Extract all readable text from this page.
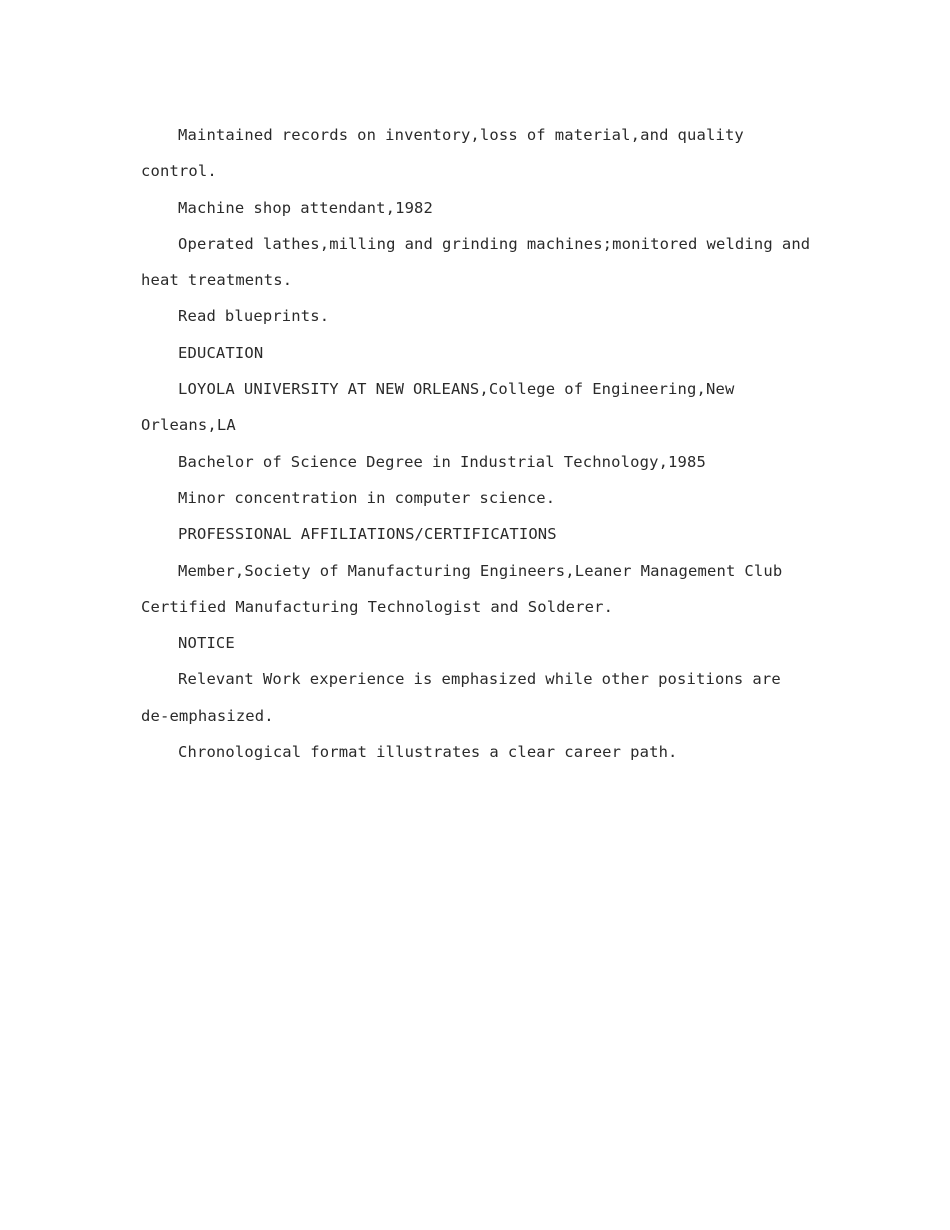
Maintained records on inventory,loss of material,and quality control.

Machine shop attendant,1982

Operated lathes,milling and grinding machines;monitored welding and heat treatments.

Read blueprints.

EDUCATION

LOYOLA UNIVERSITY AT NEW ORLEANS,College of Engineering,New Orleans,LA

Bachelor of Science Degree in Industrial Technology,1985

Minor concentration in computer science.

PROFESSIONAL AFFILIATIONS/CERTIFICATIONS

Member,Society of Manufacturing Engineers,Leaner Management Club Certified Manufacturing Technologist and Solderer.

NOTICE

Relevant Work experience is emphasized while other positions are de-emphasized.

Chronological format illustrates a clear career path.
